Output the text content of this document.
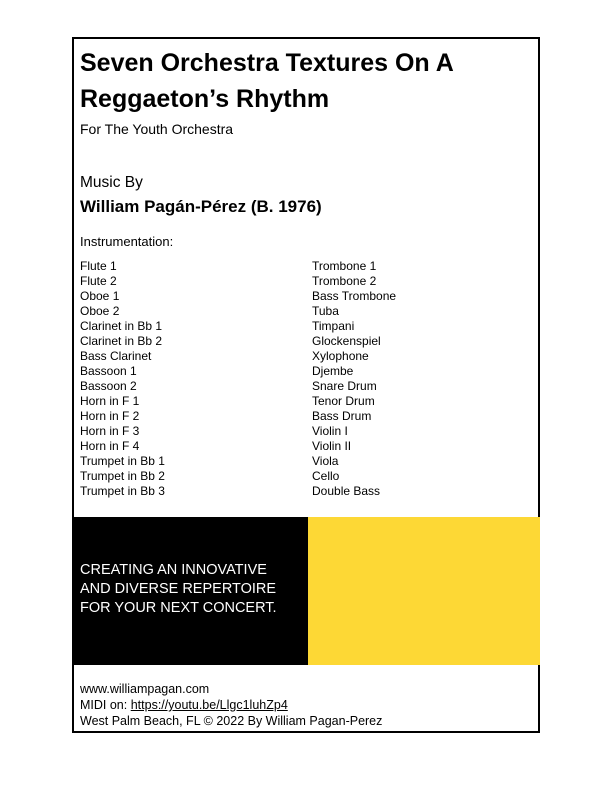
Seven Orchestra Textures On A Reggaeton’s Rhythm
For The Youth Orchestra
Music By
William Pagán-Pérez (B. 1976)
Instrumentation:
Flute 1
Flute 2
Oboe 1
Oboe 2
Clarinet in Bb 1
Clarinet in Bb 2
Bass Clarinet
Bassoon 1
Bassoon 2
Horn in F 1
Horn in F 2
Horn in F 3
Horn in F 4
Trumpet in Bb 1
Trumpet in Bb 2
Trumpet in Bb 3
Trombone 1
Trombone 2
Bass Trombone
Tuba
Timpani
Glockenspiel
Xylophone
Djembe
Snare Drum
Tenor Drum
Bass Drum
Violin I
Violin II
Viola
Cello
Double Bass

CREATING AN INNOVATIVE
AND DIVERSE REPERTOIRE
FOR YOUR NEXT CONCERT.

www.williampagan.com
MIDI on: https://youtu.be/Llgc1luhZp4
West Palm Beach, FL © 2022 By William Pagan-Perez
